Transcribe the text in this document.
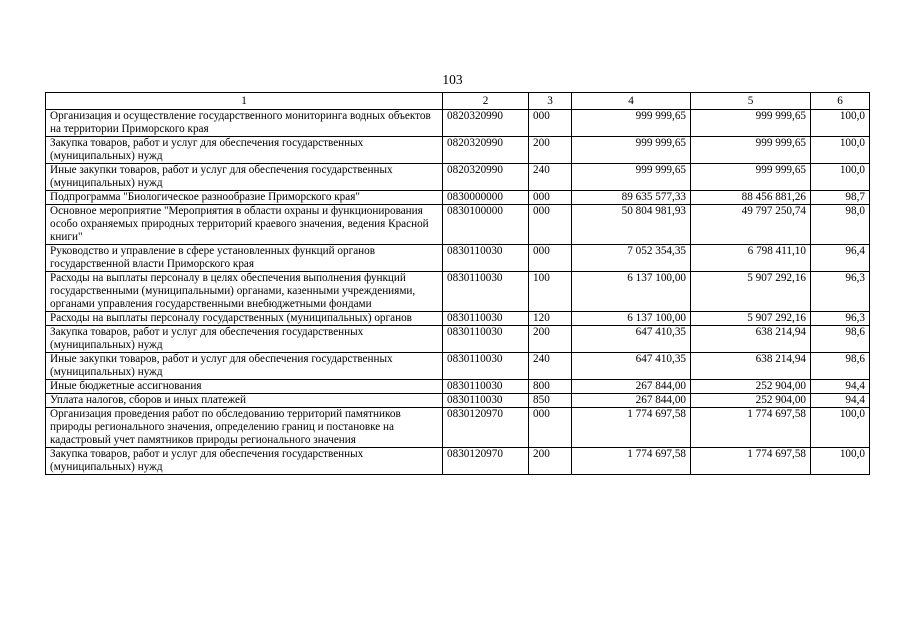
103
1	2	3	4	5	6
Организация и осуществление государственного мониторинга водных объектов на территории Приморского края	0820320990	000	999 999,65	999 999,65	100,0
Закупка товаров, работ и услуг для обеспечения государственных (муниципальных) нужд	0820320990	200	999 999,65	999 999,65	100,0
Иные закупки товаров, работ и услуг для обеспечения государственных (муниципальных) нужд	0820320990	240	999 999,65	999 999,65	100,0
Подпрограмма "Биологическое разнообразие Приморского края"	0830000000	000	89 635 577,33	88 456 881,26	98,7
Основное мероприятие "Мероприятия в области охраны и функционирования особо охраняемых природных территорий краевого значения, ведения Красной книги"	0830100000	000	50 804 981,93	49 797 250,74	98,0
Руководство и управление в сфере установленных функций органов государственной власти Приморского края	0830110030	000	7 052 354,35	6 798 411,10	96,4
Расходы на выплаты персоналу в целях обеспечения выполнения функций государственными (муниципальными) органами, казенными учреждениями, органами управления государственными внебюджетными фондами	0830110030	100	6 137 100,00	5 907 292,16	96,3
Расходы на выплаты персоналу государственных (муниципальных) органов	0830110030	120	6 137 100,00	5 907 292,16	96,3
Закупка товаров, работ и услуг для обеспечения государственных (муниципальных) нужд	0830110030	200	647 410,35	638 214,94	98,6
Иные закупки товаров, работ и услуг для обеспечения государственных (муниципальных) нужд	0830110030	240	647 410,35	638 214,94	98,6
Иные бюджетные ассигнования	0830110030	800	267 844,00	252 904,00	94,4
Уплата налогов, сборов и иных платежей	0830110030	850	267 844,00	252 904,00	94,4
Организация проведения работ по обследованию территорий памятников природы регионального значения, определению границ и постановке на кадастровый учет памятников природы регионального значения	0830120970	000	1 774 697,58	1 774 697,58	100,0
Закупка товаров, работ и услуг для обеспечения государственных (муниципальных) нужд	0830120970	200	1 774 697,58	1 774 697,58	100,0
